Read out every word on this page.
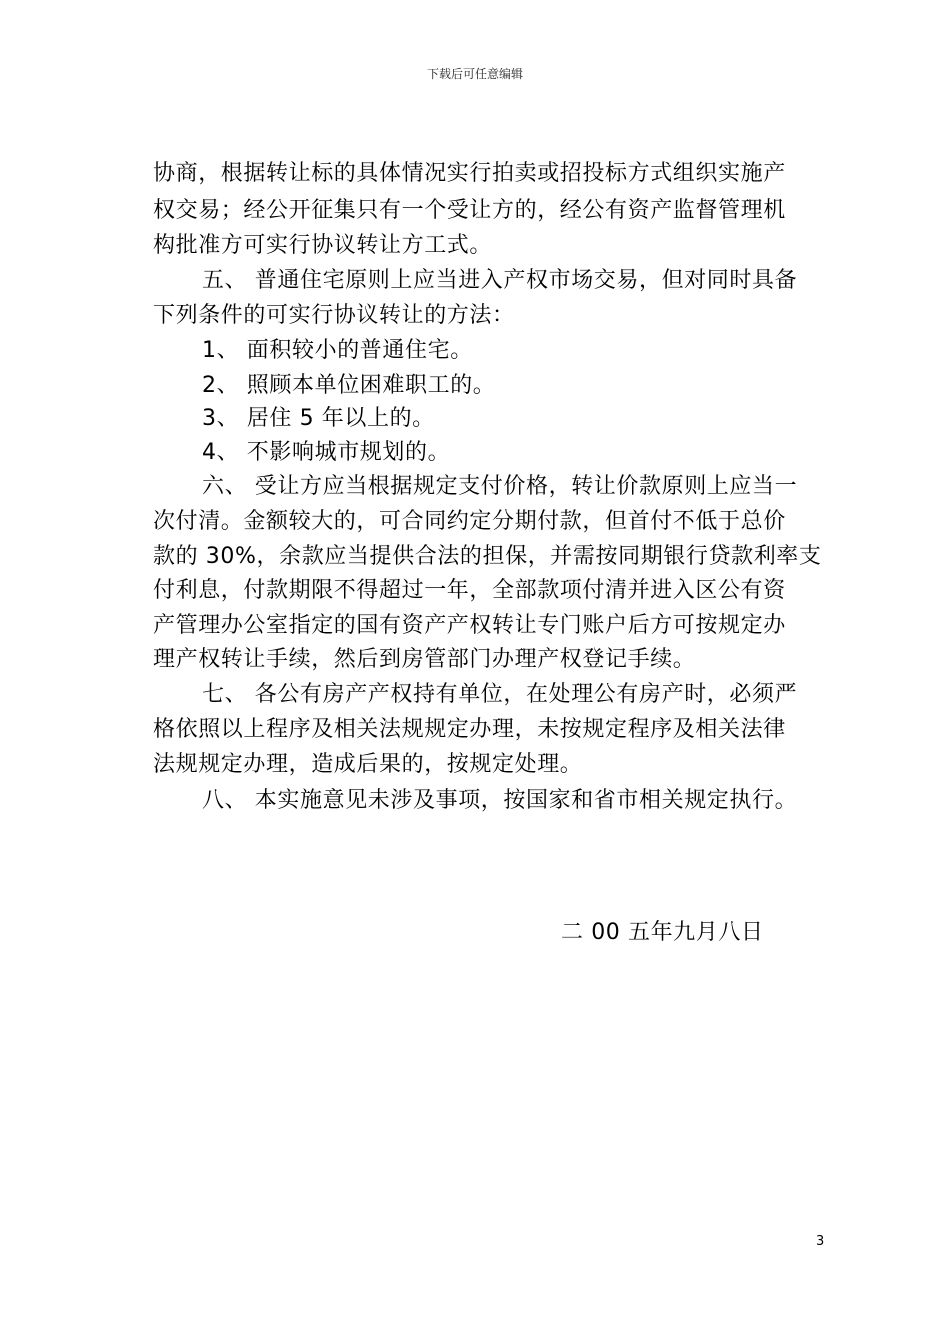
下载后可任意编辑
协商，根据转让标的具体情况实行拍卖或招投标方式组织实施产
权交易；经公开征集只有一个受让方的，经公有资产监督管理机
构批准方可实行协议转让方工式。
五、 普通住宅原则上应当进入产权市场交易，但对同时具备
下列条件的可实行协议转让的方法：
1、 面积较小的普通住宅。
2、 照顾本单位困难职工的。
3、 居住 5 年以上的。
4、 不影响城市规划的。
六、 受让方应当根据规定支付价格，转让价款原则上应当一
次付清。金额较大的，可合同约定分期付款，但首付不低于总价
款的 30%，余款应当提供合法的担保，并需按同期银行贷款利率支
付利息，付款期限不得超过一年，全部款项付清并进入区公有资
产管理办公室指定的国有资产产权转让专门账户后方可按规定办
理产权转让手续，然后到房管部门办理产权登记手续。
七、 各公有房产产权持有单位，在处理公有房产时，必须严
格依照以上程序及相关法规规定办理，未按规定程序及相关法律
法规规定办理，造成后果的，按规定处理。
八、 本实施意见未涉及事项，按国家和省市相关规定执行。
二 00 五年九月八日
3
